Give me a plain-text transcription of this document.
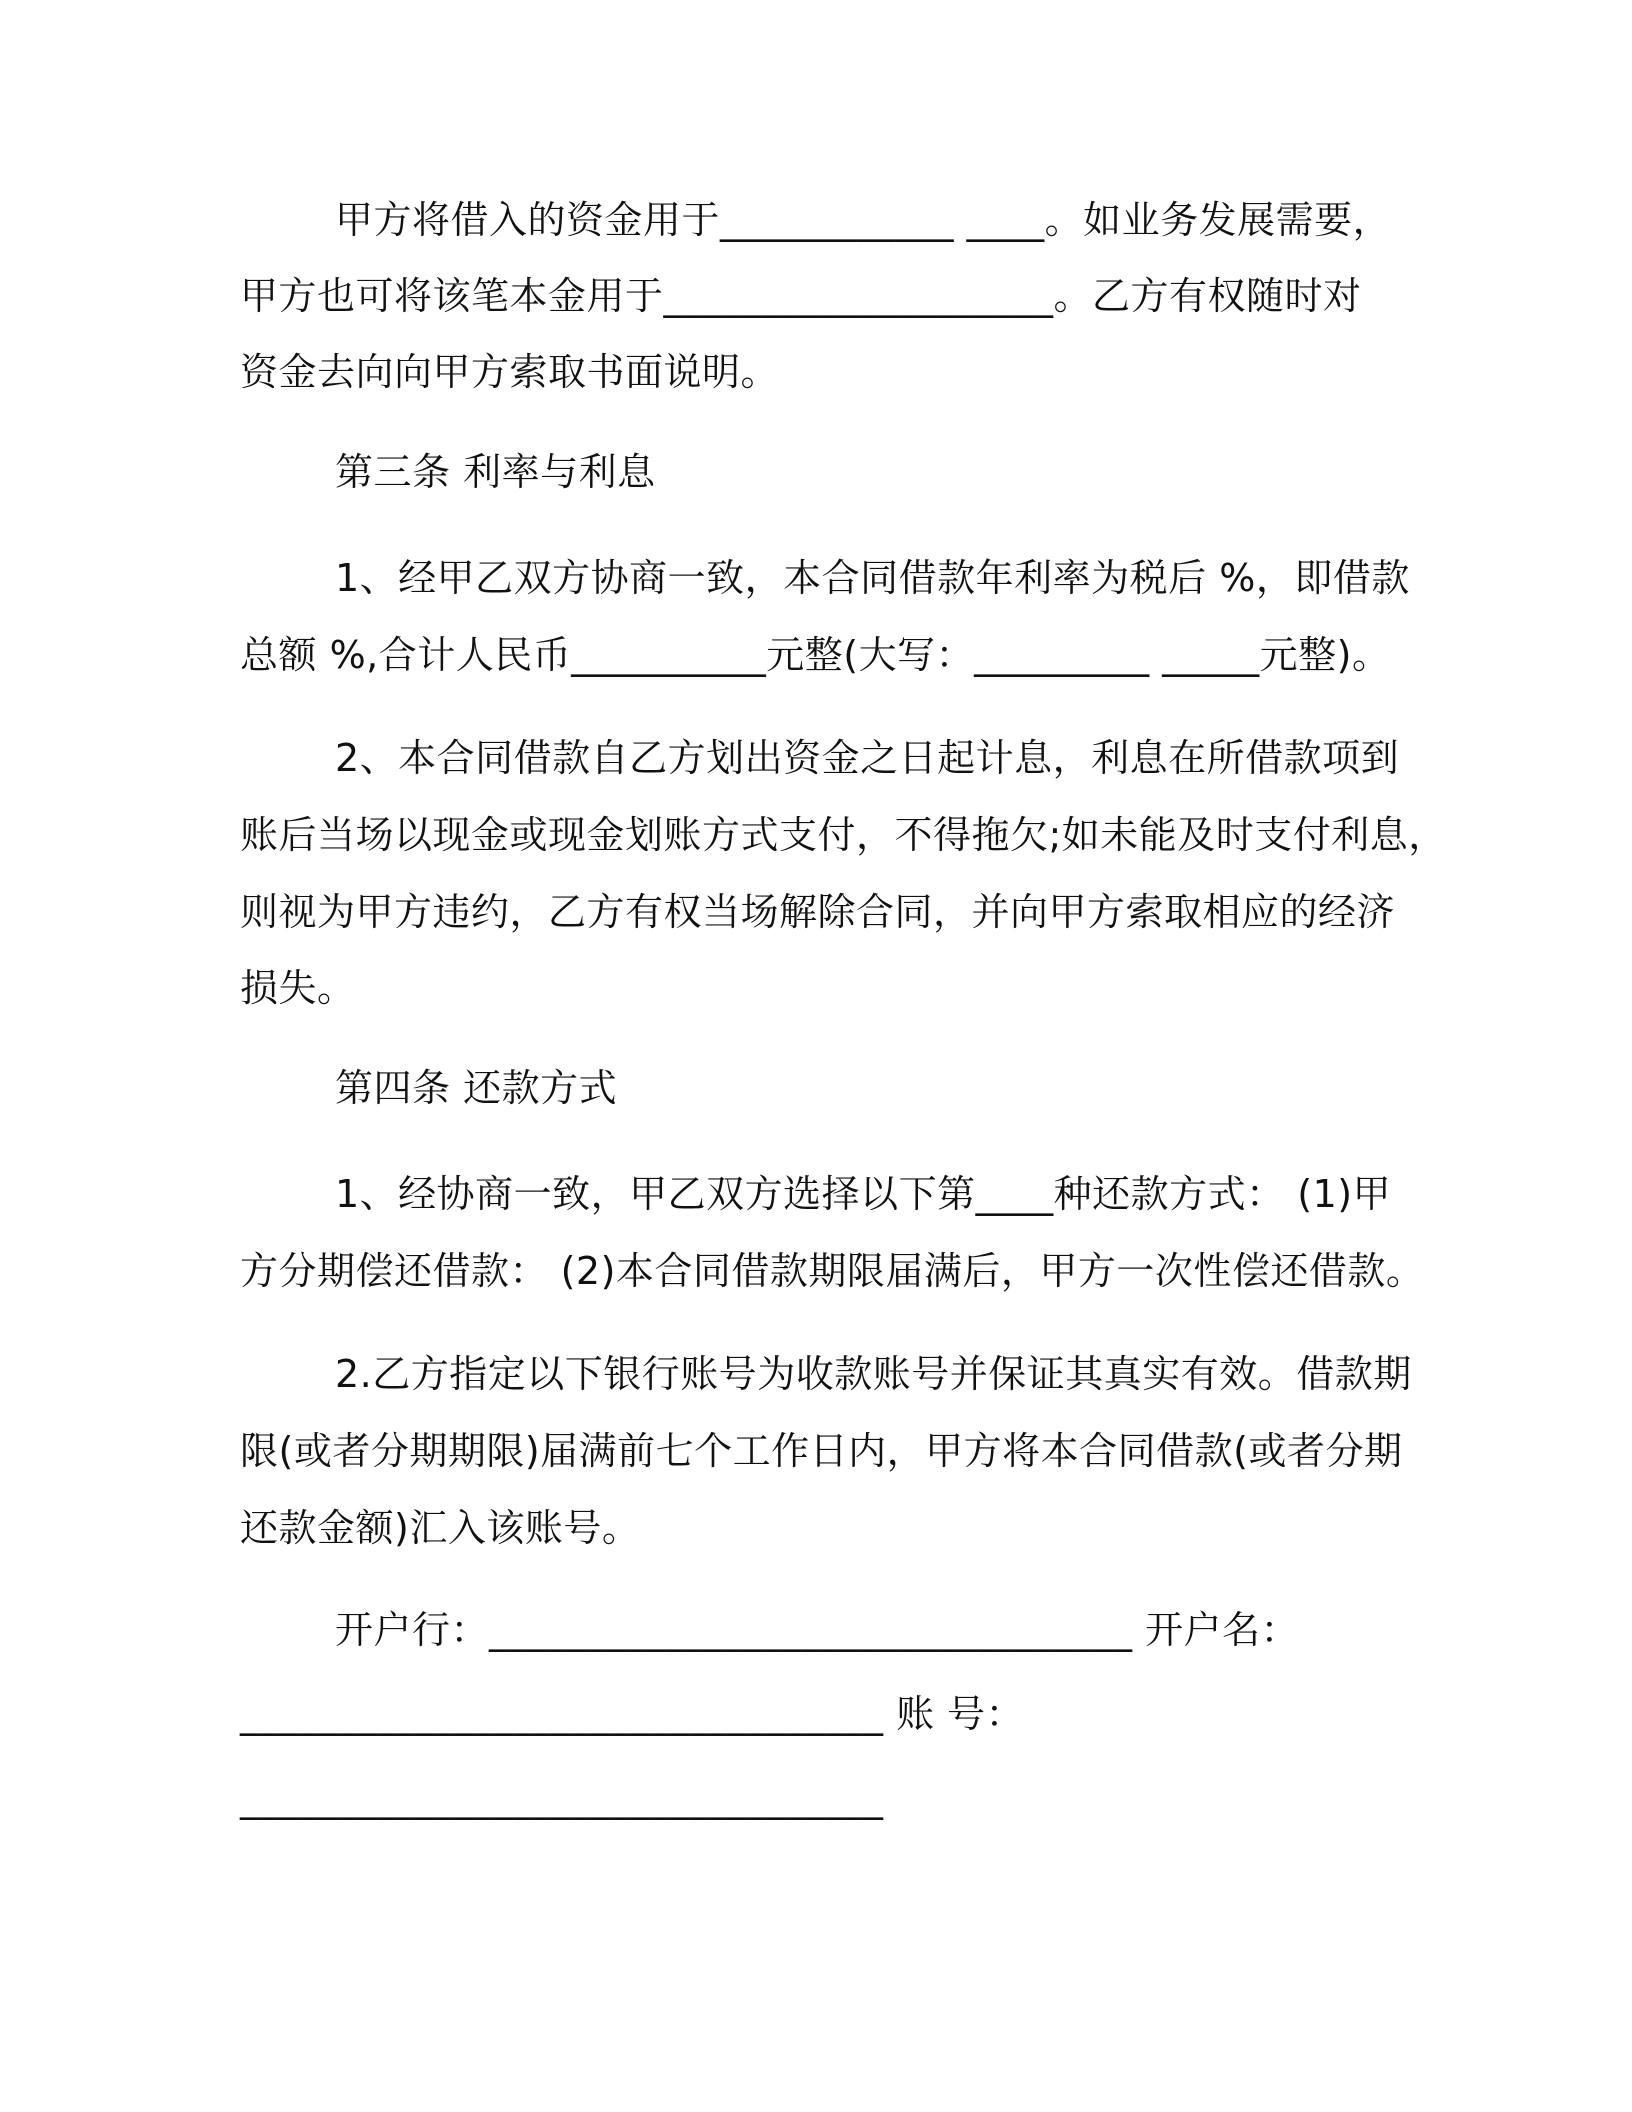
甲方将借入的资金用于____________ ____。如业务发展需要，
甲方也可将该笔本金用于____________________。乙方有权随时对
资金去向向甲方索取书面说明。
第三条 利率与利息
1、经甲乙双方协商一致，本合同借款年利率为税后 %，即借款
总额 %,合计人民币__________元整(大写：_________ _____元整)。
2、本合同借款自乙方划出资金之日起计息，利息在所借款项到
账后当场以现金或现金划账方式支付，不得拖欠;如未能及时支付利息，
则视为甲方违约，乙方有权当场解除合同，并向甲方索取相应的经济
损失。
第四条 还款方式
1、经协商一致，甲乙双方选择以下第____种还款方式： (1)甲
方分期偿还借款： (2)本合同借款期限届满后，甲方一次性偿还借款。
2.乙方指定以下银行账号为收款账号并保证其真实有效。借款期
限(或者分期期限)届满前七个工作日内，甲方将本合同借款(或者分期
还款金额)汇入该账号。
开户行：_________________________________ 开户名：
_________________________________ 账 号：
_________________________________
